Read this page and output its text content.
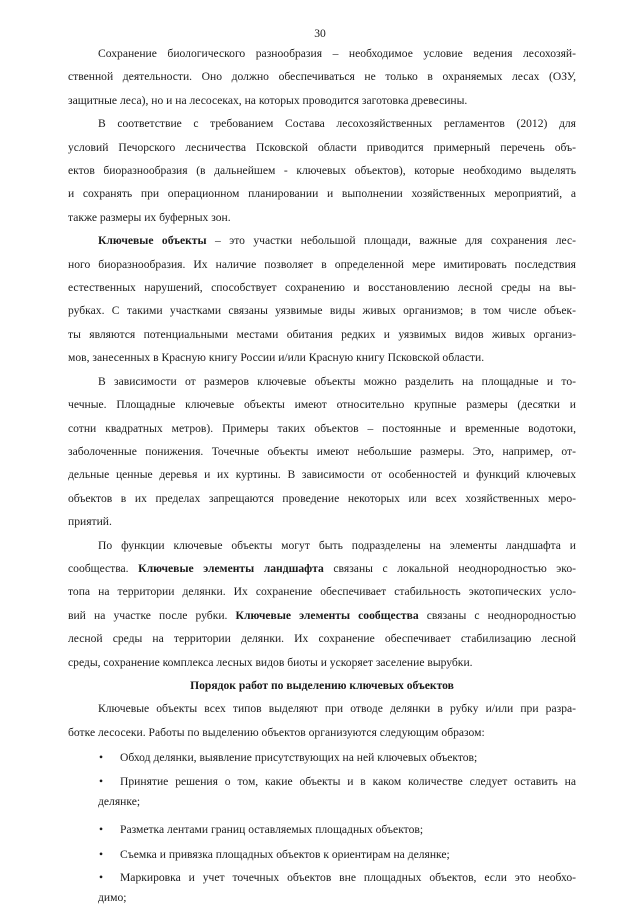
30
Сохранение биологического разнообразия – необходимое условие ведения лесохозяй-
ственной деятельности. Оно должно обеспечиваться не только в охраняемых лесах (ОЗУ,
защитные леса), но и на лесосеках, на которых проводится заготовка древесины.
В соответствие с требованием Состава лесохозяйственных регламентов (2012) для
условий Печорского лесничества Псковской области приводится примерный перечень объ-
ектов биоразнообразия (в дальнейшем - ключевых объектов), которые необходимо выделять
и сохранять при операционном планировании и выполнении хозяйственных мероприятий, а
также размеры их буферных зон.
Ключевые объекты – это участки небольшой площади, важные для сохранения лес-
ного биоразнообразия. Их наличие позволяет в определенной мере имитировать последствия
естественных нарушений, способствует сохранению и восстановлению лесной среды на вы-
рубках. С такими участками связаны уязвимые виды живых организмов; в том числе объек-
ты являются потенциальными местами обитания редких и уязвимых видов живых организ-
мов, занесенных в Красную книгу России и/или Красную книгу Псковской области.
В зависимости от размеров ключевые объекты можно разделить на площадные и то-
чечные. Площадные ключевые объекты имеют относительно крупные размеры (десятки и
сотни квадратных метров). Примеры таких объектов – постоянные и временные водотоки,
заболоченные понижения. Точечные объекты имеют небольшие размеры. Это, например, от-
дельные ценные деревья и их куртины. В зависимости от особенностей и функций ключевых
объектов в их пределах запрещаются проведение некоторых или всех хозяйственных меро-
приятий.
По функции ключевые объекты могут быть подразделены на элементы ландшафта и
сообщества. Ключевые элементы ландшафта связаны с локальной неоднородностью эко-
топа на территории делянки. Их сохранение обеспечивает стабильность экотопических усло-
вий на участке после рубки. Ключевые элементы сообщества связаны с неоднородностью
лесной среды на территории делянки. Их сохранение обеспечивает стабилизацию лесной
среды, сохранение комплекса лесных видов биоты и ускоряет заселение вырубки.
Порядок работ по выделению ключевых объектов
Ключевые объекты всех типов выделяют при отводе делянки в рубку и/или при разра-
ботке лесосеки. Работы по выделению объектов организуются следующим образом:
• Обход делянки, выявление присутствующих на ней ключевых объектов;
• Принятие решения о том, какие объекты и в каком количестве следует оставить на
делянке;
• Разметка лентами границ оставляемых площадных объектов;
• Съемка и привязка площадных объектов к ориентирам на делянке;
• Маркировка и учет точечных объектов вне площадных объектов, если это необхо-
димо;
